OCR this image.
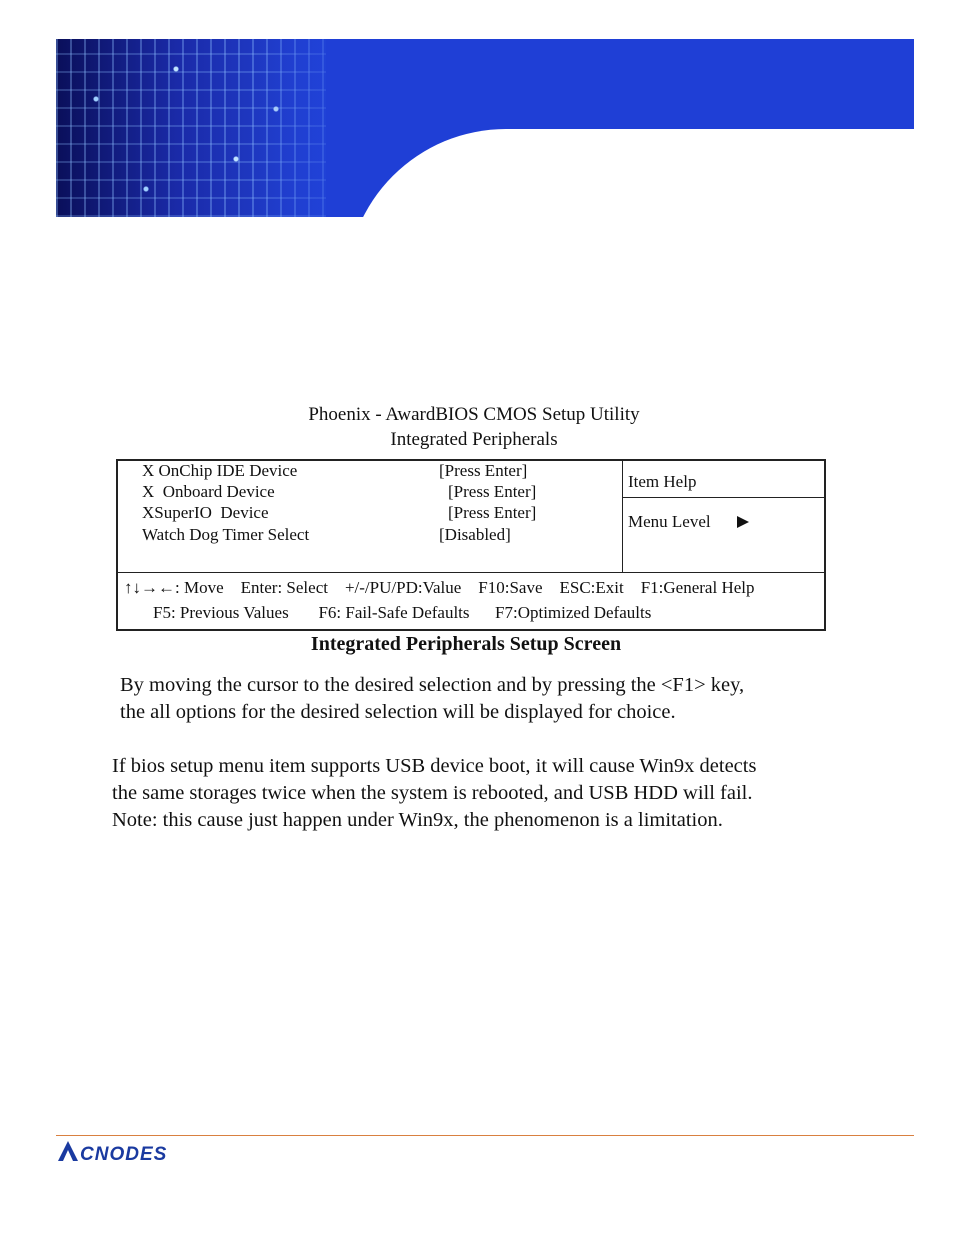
Phoenix - AwardBIOS CMOS Setup Utility
Integrated Peripherals
X OnChip IDE Device	[Press Enter]
X  Onboard Device	[Press Enter]
XSuperIO  Device	[Press Enter]
Watch Dog Timer Select	[Disabled]
Item Help
Menu Level
↑↓→←: Move    Enter: Select    +/-/PU/PD:Value    F10:Save    ESC:Exit    F1:General Help
F5: Previous Values       F6: Fail-Safe Defaults      F7:Optimized Defaults
Integrated Peripherals Setup Screen
By moving the cursor to the desired selection and by pressing the <F1> key,
the all options for the desired selection will be displayed for choice.
If bios setup menu item supports USB device boot, it will cause Win9x detects
the same storages twice when the system is rebooted, and USB HDD will fail.
Note: this cause just happen under Win9x, the phenomenon is a limitation.
CNODES
